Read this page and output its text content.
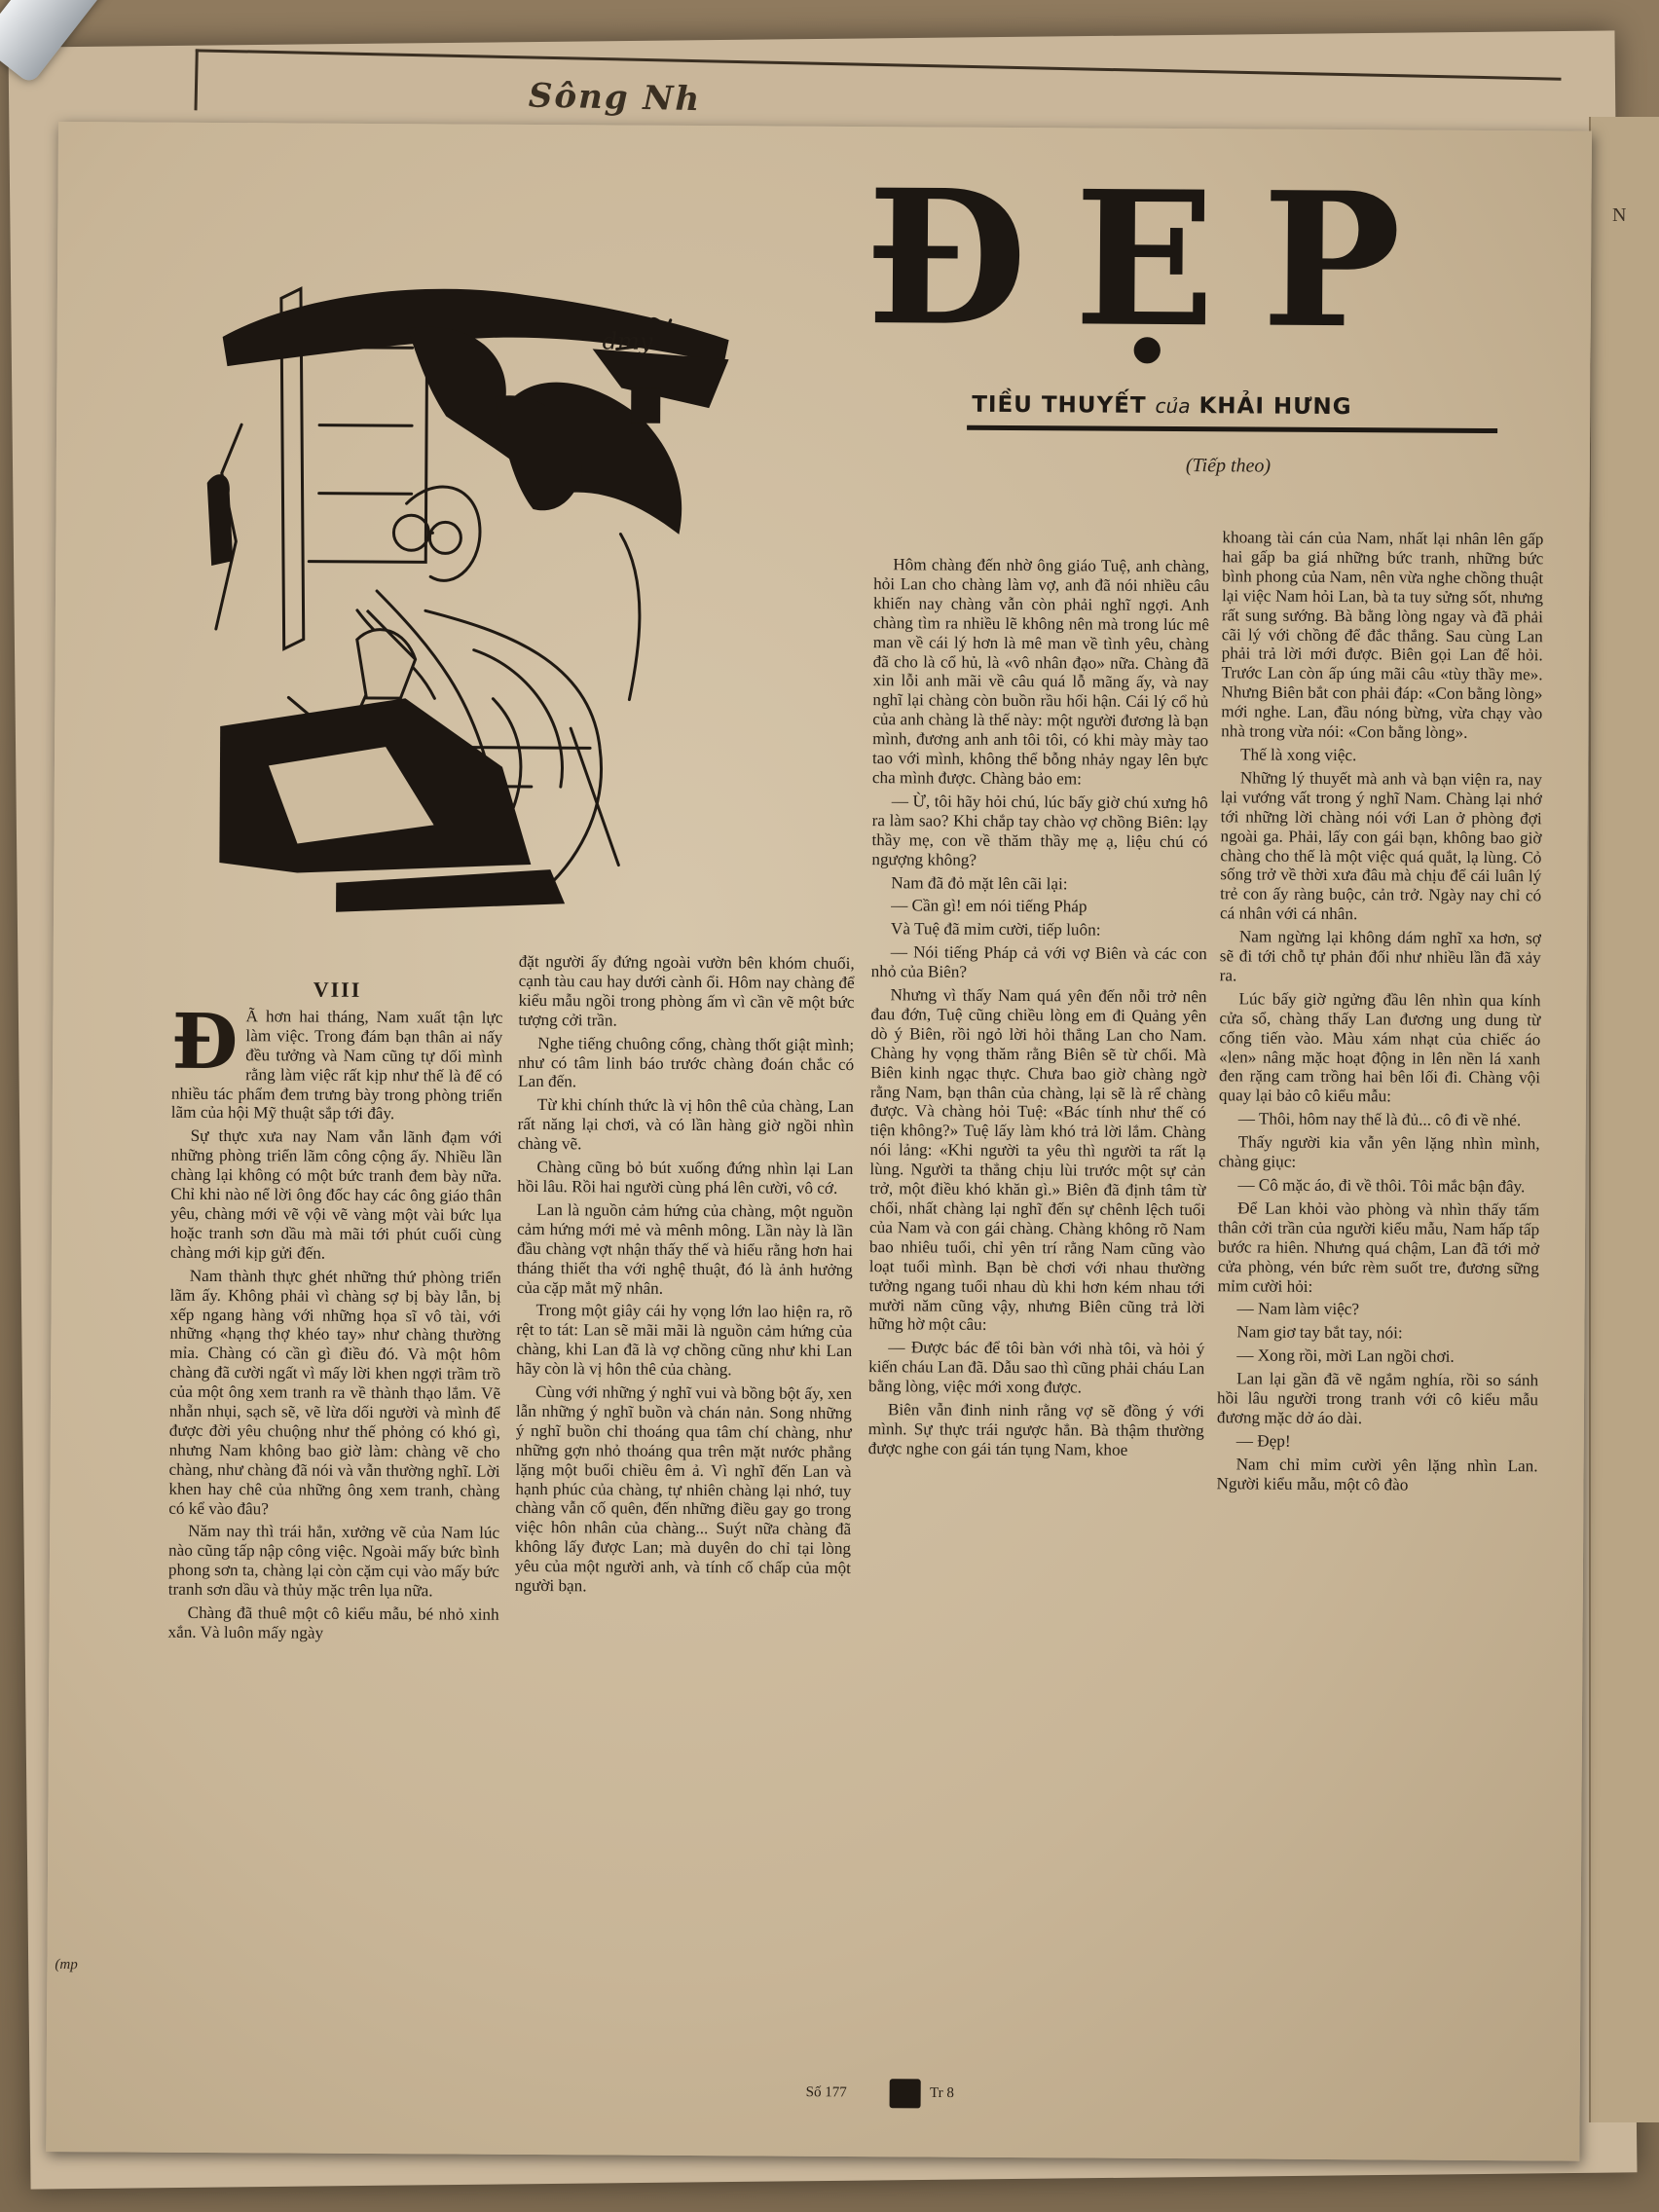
Sông Nh
N
ĐẸP
TIỀU THUYẾT của KHẢI HƯNG
(Tiếp theo)
dmy
VIII
Đ Ã hơn hai tháng, Nam xuất tận lực làm việc. Trong đám bạn thân ai nấy đều tưởng và Nam cũng tự dối mình rằng làm việc rất kịp như thế là để có nhiều tác phẩm đem trưng bày trong phòng triển lãm của hội Mỹ thuật sắp tới đây.

Sự thực xưa nay Nam vẫn lãnh đạm với những phòng triển lãm công cộng ấy. Nhiều lần chàng lại không có một bức tranh đem bày nữa. Chỉ khi nào nể lời ông đốc hay các ông giáo thân yêu, chàng mới vẽ vội vẽ vàng một vài bức lụa hoặc tranh sơn dầu mà mãi tới phút cuối cùng chàng mới kịp gửi đến.

Nam thành thực ghét những thứ phòng triển lãm ấy. Không phải vì chàng sợ bị bày lẫn, bị xếp ngang hàng với những họa sĩ vô tài, với những «hạng thợ khéo tay» như chàng thường mỉa. Chàng có cần gì điều đó. Và một hôm chàng đã cười ngất vì mấy lời khen ngợi trầm trồ của một ông xem tranh ra về thành thạo lắm. Vẽ nhẵn nhụi, sạch sẽ, vẽ lừa dối người và mình để được đời yêu chuộng như thế phỏng có khó gì, nhưng Nam không bao giờ làm: chàng vẽ cho chàng, như chàng đã nói và vẫn thường nghĩ. Lời khen hay chê của những ông xem tranh, chàng có kể vào đâu?

Năm nay thì trái hẳn, xưởng vẽ của Nam lúc nào cũng tấp nập công việc. Ngoài mấy bức bình phong sơn ta, chàng lại còn cặm cụi vào mấy bức tranh sơn dầu và thủy mặc trên lụa nữa.

Chàng đã thuê một cô kiểu mẫu, bé nhỏ xinh xắn. Và luôn mấy ngày

đặt người ấy đứng ngoài vườn bên khóm chuối, cạnh tàu cau hay dưới cành ổi. Hôm nay chàng để kiểu mẫu ngồi trong phòng ấm vì cần vẽ một bức tượng cởi trần.

Nghe tiếng chuông cổng, chàng thốt giật mình; như có tâm linh báo trước chàng đoán chắc có Lan đến.

Từ khi chính thức là vị hôn thê của chàng, Lan rất năng lại chơi, và có lần hàng giờ ngồi nhìn chàng vẽ.

Chàng cũng bỏ bút xuống đứng nhìn lại Lan hồi lâu. Rồi hai người cùng phá lên cười, vô cớ.

Lan là nguồn cảm hứng của chàng, một nguồn cảm hứng mới mẻ và mênh mông. Lần này là lần đầu chàng vợt nhận thấy thế và hiểu rằng hơn hai tháng thiết tha với nghệ thuật, đó là ảnh hưởng của cặp mắt mỹ nhân.

Trong một giây cái hy vọng lớn lao hiện ra, rõ rệt to tát: Lan sẽ mãi mãi là nguồn cảm hứng của chàng, khi Lan đã là vợ chồng cũng như khi Lan hãy còn là vị hôn thê của chàng.

Cùng với những ý nghĩ vui và bồng bột ấy, xen lẫn những ý nghĩ buồn và chán nản. Song những ý nghĩ buồn chỉ thoáng qua tâm chí chàng, như những gợn nhỏ thoáng qua trên mặt nước phẳng lặng một buổi chiều êm ả. Vì nghĩ đến Lan và hạnh phúc của chàng, tự nhiên chàng lại nhớ, tuy chàng vẫn cố quên, đến những điều gay go trong việc hôn nhân của chàng... Suýt nữa chàng đã không lấy được Lan; mà duyên do chỉ tại lòng yêu của một người anh, và tính cố chấp của một người bạn.

Hôm chàng đến nhờ ông giáo Tuệ, anh chàng, hỏi Lan cho chàng làm vợ, anh đã nói nhiều câu khiến nay chàng vẫn còn phải nghĩ ngợi. Anh chàng tìm ra nhiều lẽ không nên mà trong lúc mê man về cái lý hơn là mê man về tình yêu, chàng đã cho là cổ hủ, là «vô nhân đạo» nữa. Chàng đã xin lỗi anh mãi về câu quá lỗ mãng ấy, và nay nghĩ lại chàng còn buồn rầu hối hận. Cái lý cổ hủ của anh chàng là thế này: một người đương là bạn mình, đương anh anh tôi tôi, có khi mày mày tao tao với mình, không thể bỗng nhảy ngay lên bực cha mình được. Chàng bảo em:

— Ừ, tôi hãy hỏi chú, lúc bấy giờ chú xưng hô ra làm sao? Khi chắp tay chào vợ chồng Biên: lạy thầy mẹ, con về thăm thầy mẹ ạ, liệu chú có ngượng không?

Nam đã đỏ mặt lên cãi lại:

— Cần gì! em nói tiếng Pháp

Và Tuệ đã mỉm cười, tiếp luôn:

— Nói tiếng Pháp cả với vợ Biên và các con nhỏ của Biên?

Nhưng vì thấy Nam quá yên đến nỗi trở nên đau đớn, Tuệ cũng chiều lòng em đi Quảng yên dò ý Biên, rồi ngỏ lời hỏi thẳng Lan cho Nam. Chàng hy vọng thăm rằng Biên sẽ từ chối. Mà Biên kinh ngạc thực. Chưa bao giờ chàng ngờ rằng Nam, bạn thân của chàng, lại sẽ là rể chàng được. Và chàng hỏi Tuệ: «Bác tính như thế có tiện không?» Tuệ lấy làm khó trả lời lắm. Chàng nói lảng: «Khi người ta yêu thì người ta rất lạ lùng. Người ta thẳng chịu lùi trước một sự cản trở, một điều khó khăn gì.» Biên đã định tâm từ chối, nhất chàng lại nghĩ đến sự chênh lệch tuổi của Nam và con gái chàng. Chàng không rõ Nam bao nhiêu tuổi, chỉ yên trí rằng Nam cũng vào loạt tuổi mình. Bạn bè chơi với nhau thường tưởng ngang tuổi nhau dù khi hơn kém nhau tới mười năm cũng vậy, nhưng Biên cũng trả lời hững hờ một câu:

— Được bác để tôi bàn với nhà tôi, và hỏi ý kiến cháu Lan đã. Dẫu sao thì cũng phải cháu Lan bằng lòng, việc mới xong được.

Biên vẫn đinh ninh rằng vợ sẽ đồng ý với mình. Sự thực trái ngược hẳn. Bà thậm thường được nghe con gái tán tụng Nam, khoe

khoang tài cán của Nam, nhất lại nhân lên gấp hai gấp ba giá những bức tranh, những bức bình phong của Nam, nên vừa nghe chồng thuật lại việc Nam hỏi Lan, bà ta tuy sửng sốt, nhưng rất sung sướng. Bà bằng lòng ngay và đã phải cãi lý với chồng để đắc thắng. Sau cùng Lan phải trả lời mới được. Biên gọi Lan để hỏi. Trước Lan còn ấp úng mãi câu «tùy thầy me». Nhưng Biên bắt con phải đáp: «Con bằng lòng» mới nghe. Lan, đầu nóng bừng, vừa chạy vào nhà trong vừa nói: «Con bằng lòng».

Thế là xong việc.

Những lý thuyết mà anh và bạn viện ra, nay lại vướng vất trong ý nghĩ Nam. Chàng lại nhớ tới những lời chàng nói với Lan ở phòng đợi ngoài ga. Phải, lấy con gái bạn, không bao giờ chàng cho thế là một việc quá quắt, lạ lùng. Cỏ sống trở về thời xưa đâu mà chịu để cái luân lý trẻ con ấy ràng buộc, cản trở. Ngày nay chỉ có cá nhân với cá nhân.

Nam ngừng lại không dám nghĩ xa hơn, sợ sẽ đi tới chỗ tự phản đối như nhiều lần đã xảy ra.

Lúc bấy giờ ngửng đầu lên nhìn qua kính cửa sổ, chàng thấy Lan đương ung dung từ cổng tiến vào. Màu xám nhạt của chiếc áo «len» nâng mặc hoạt động in lên nền lá xanh đen rặng cam trồng hai bên lối đi. Chàng vội quay lại bảo cô kiểu mẫu:

— Thôi, hôm nay thế là đủ... cô đi về nhé.

Thấy người kia vẫn yên lặng nhìn mình, chàng giục:

— Cô mặc áo, đi về thôi. Tôi mắc bận đây.

Để Lan khỏi vào phòng và nhìn thấy tấm thân cởi trần của người kiểu mẫu, Nam hấp tấp bước ra hiên. Nhưng quá chậm, Lan đã tới mở cửa phòng, vén bức rèm suốt tre, đương sững mỉm cười hỏi:

— Nam làm việc?

Nam giơ tay bắt tay, nói:

— Xong rồi, mời Lan ngồi chơi.

Lan lại gần đã vẽ ngắm nghía, rồi so sánh hồi lâu người trong tranh với cô kiểu mẫu đương mặc dở áo dài.

— Đẹp!

Nam chỉ mỉm cười yên lặng nhìn Lan. Người kiểu mẫu, một cô đào

(mp
Số 177	Tr 8
